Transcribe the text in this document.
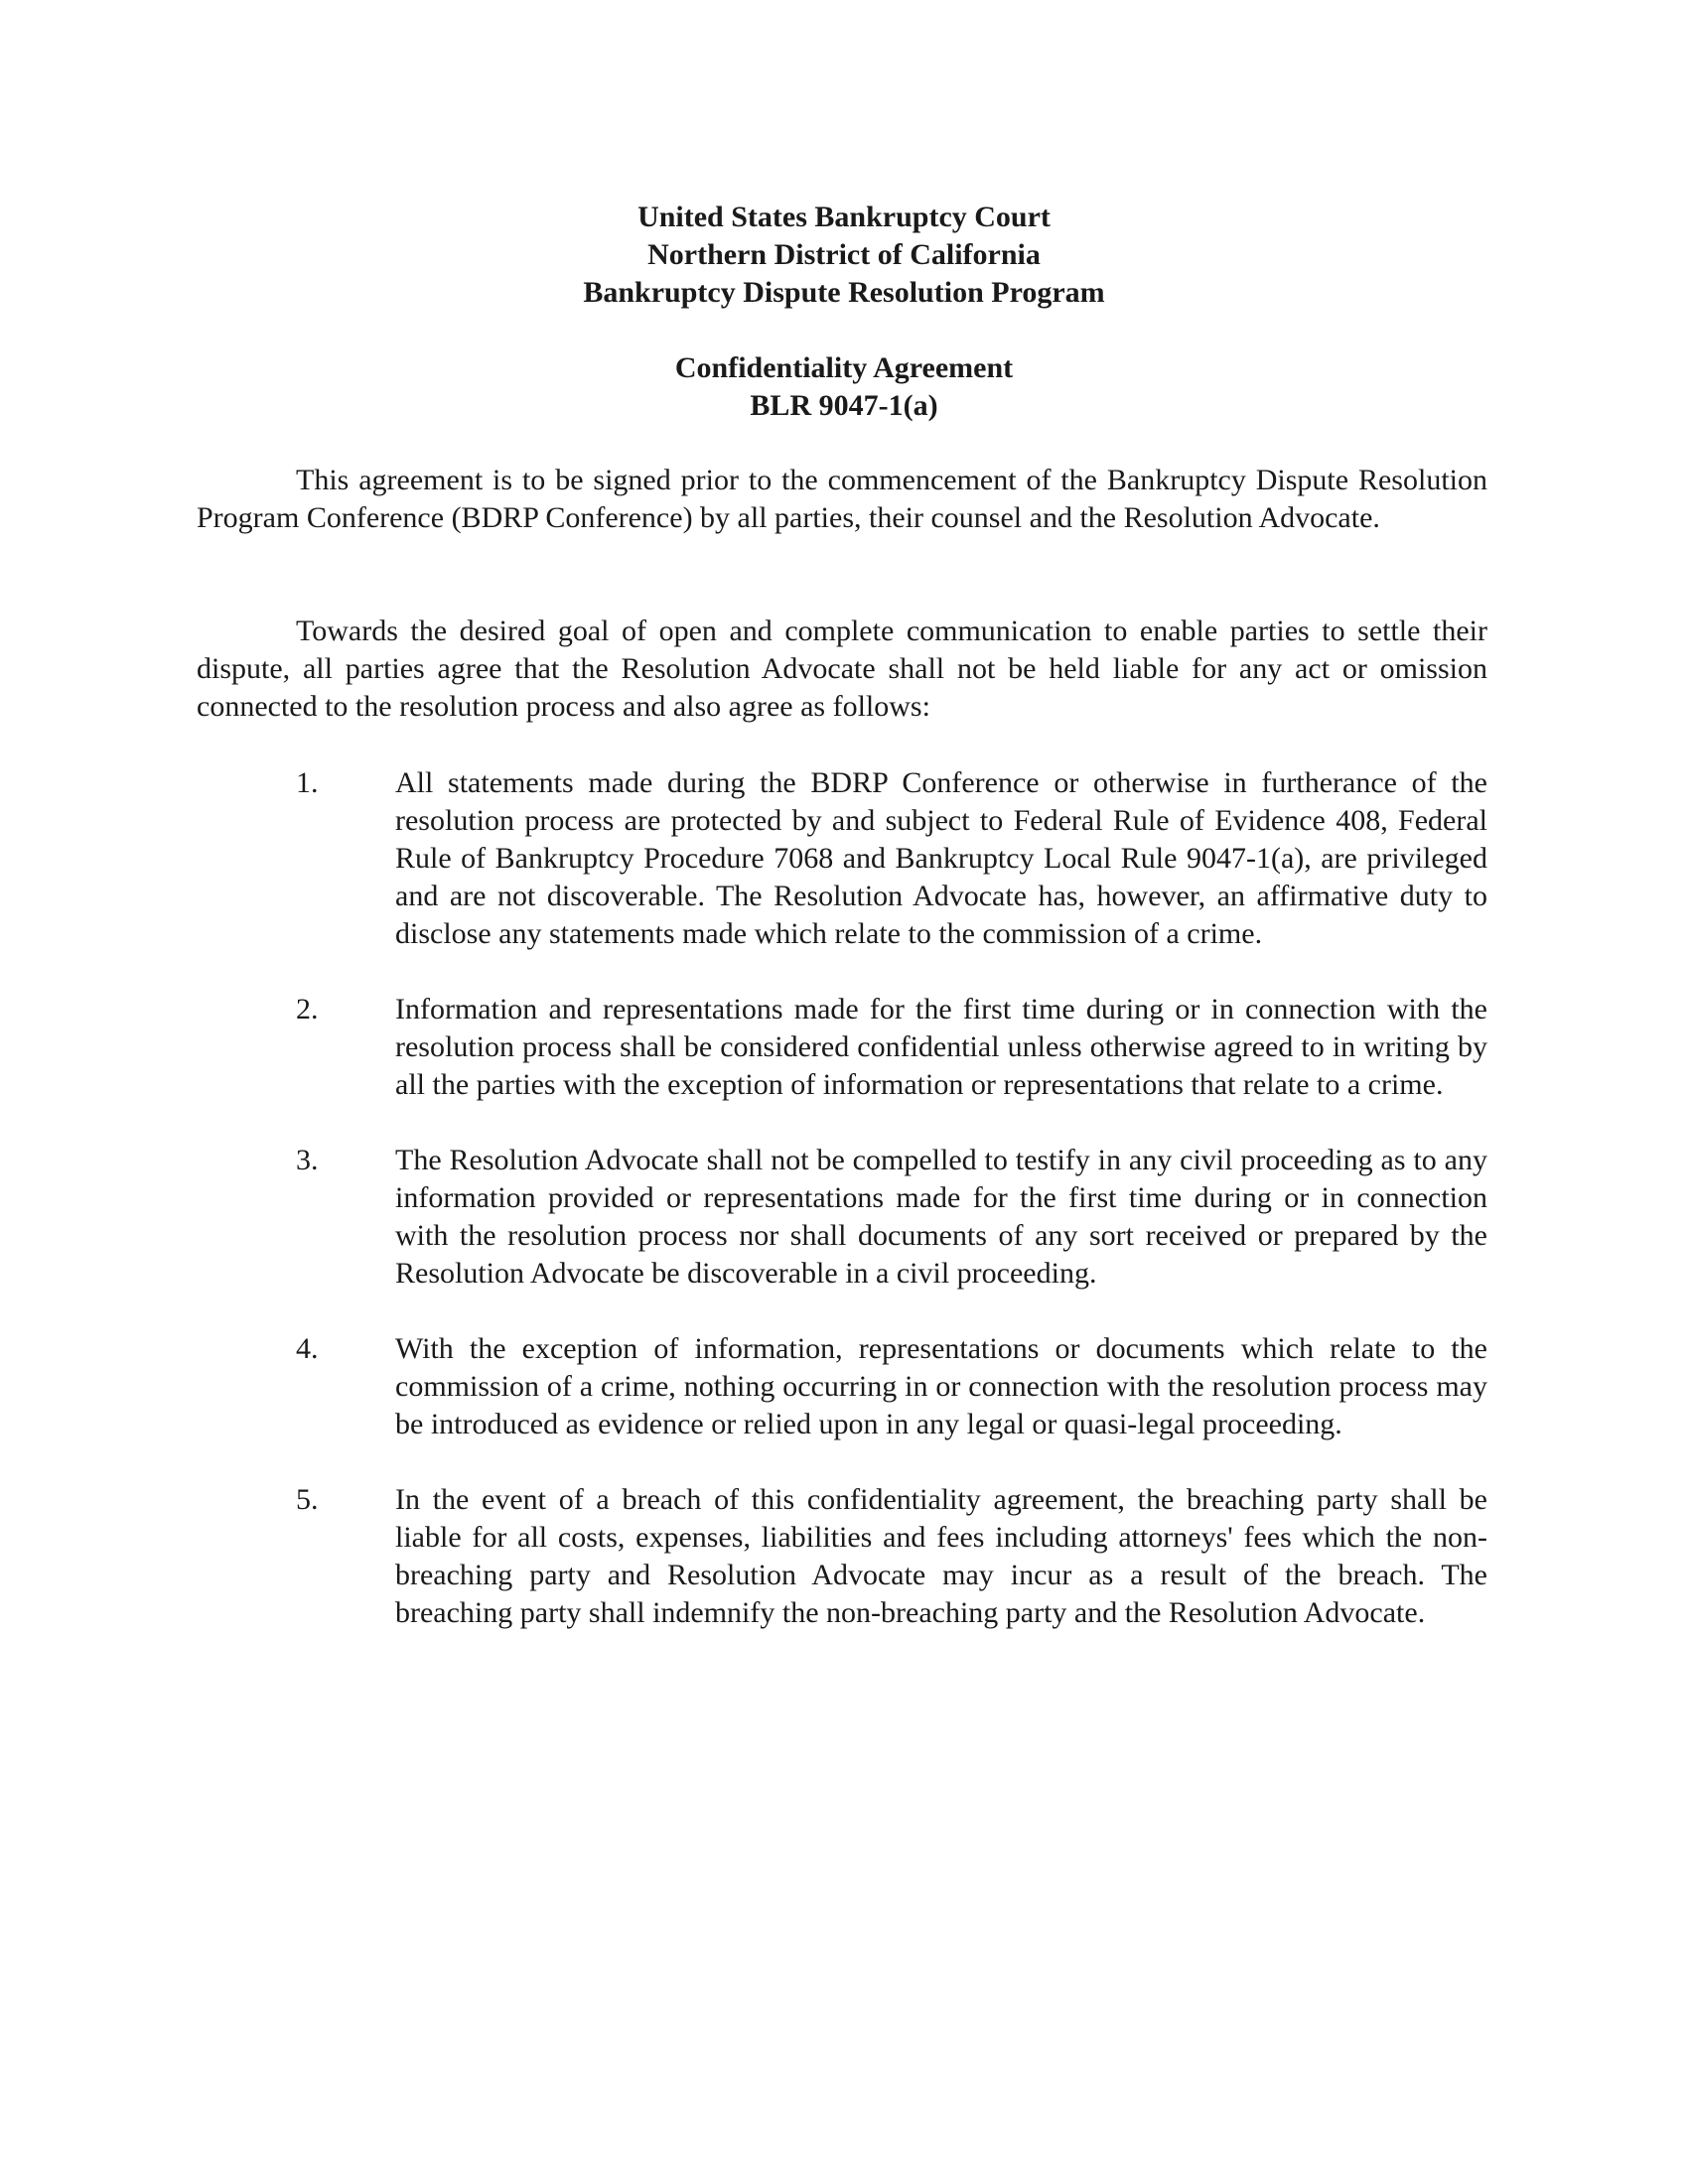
United States Bankruptcy Court
Northern District of California
Bankruptcy Dispute Resolution Program
Confidentiality Agreement
BLR 9047-1(a)

This agreement is to be signed prior to the commencement of the Bankruptcy Dispute Resolution Program Conference (BDRP Conference) by all parties, their counsel and the Resolution Advocate.

Towards the desired goal of open and complete communication to enable parties to settle their dispute, all parties agree that the Resolution Advocate shall not be held liable for any act or omission connected to the resolution process and also agree as follows:

1.	All statements made during the BDRP Conference or otherwise in furtherance of the resolution process are protected by and subject to Federal Rule of Evidence 408, Federal Rule of Bankruptcy Procedure 7068 and Bankruptcy Local Rule 9047-1(a), are privileged and are not discoverable. The Resolution Advocate has, however, an affirmative duty to disclose any statements made which relate to the commission of a crime.
2.	Information and representations made for the first time during or in connection with the resolution process shall be considered confidential unless otherwise agreed to in writing by all the parties with the exception of information or representations that relate to a crime.
3.	The Resolution Advocate shall not be compelled to testify in any civil proceeding as to any information provided or representations made for the first time during or in connection with the resolution process nor shall documents of any sort received or prepared by the Resolution Advocate be discoverable in a civil proceeding.
4.	With the exception of information, representations or documents which relate to the commission of a crime, nothing occurring in or connection with the resolution process may be introduced as evidence or relied upon in any legal or quasi-legal proceeding.
5.	In the event of a breach of this confidentiality agreement, the breaching party shall be liable for all costs, expenses, liabilities and fees including attorneys' fees which the non-breaching party and Resolution Advocate may incur as a result of the breach. The breaching party shall indemnify the non-breaching party and the Resolution Advocate.
